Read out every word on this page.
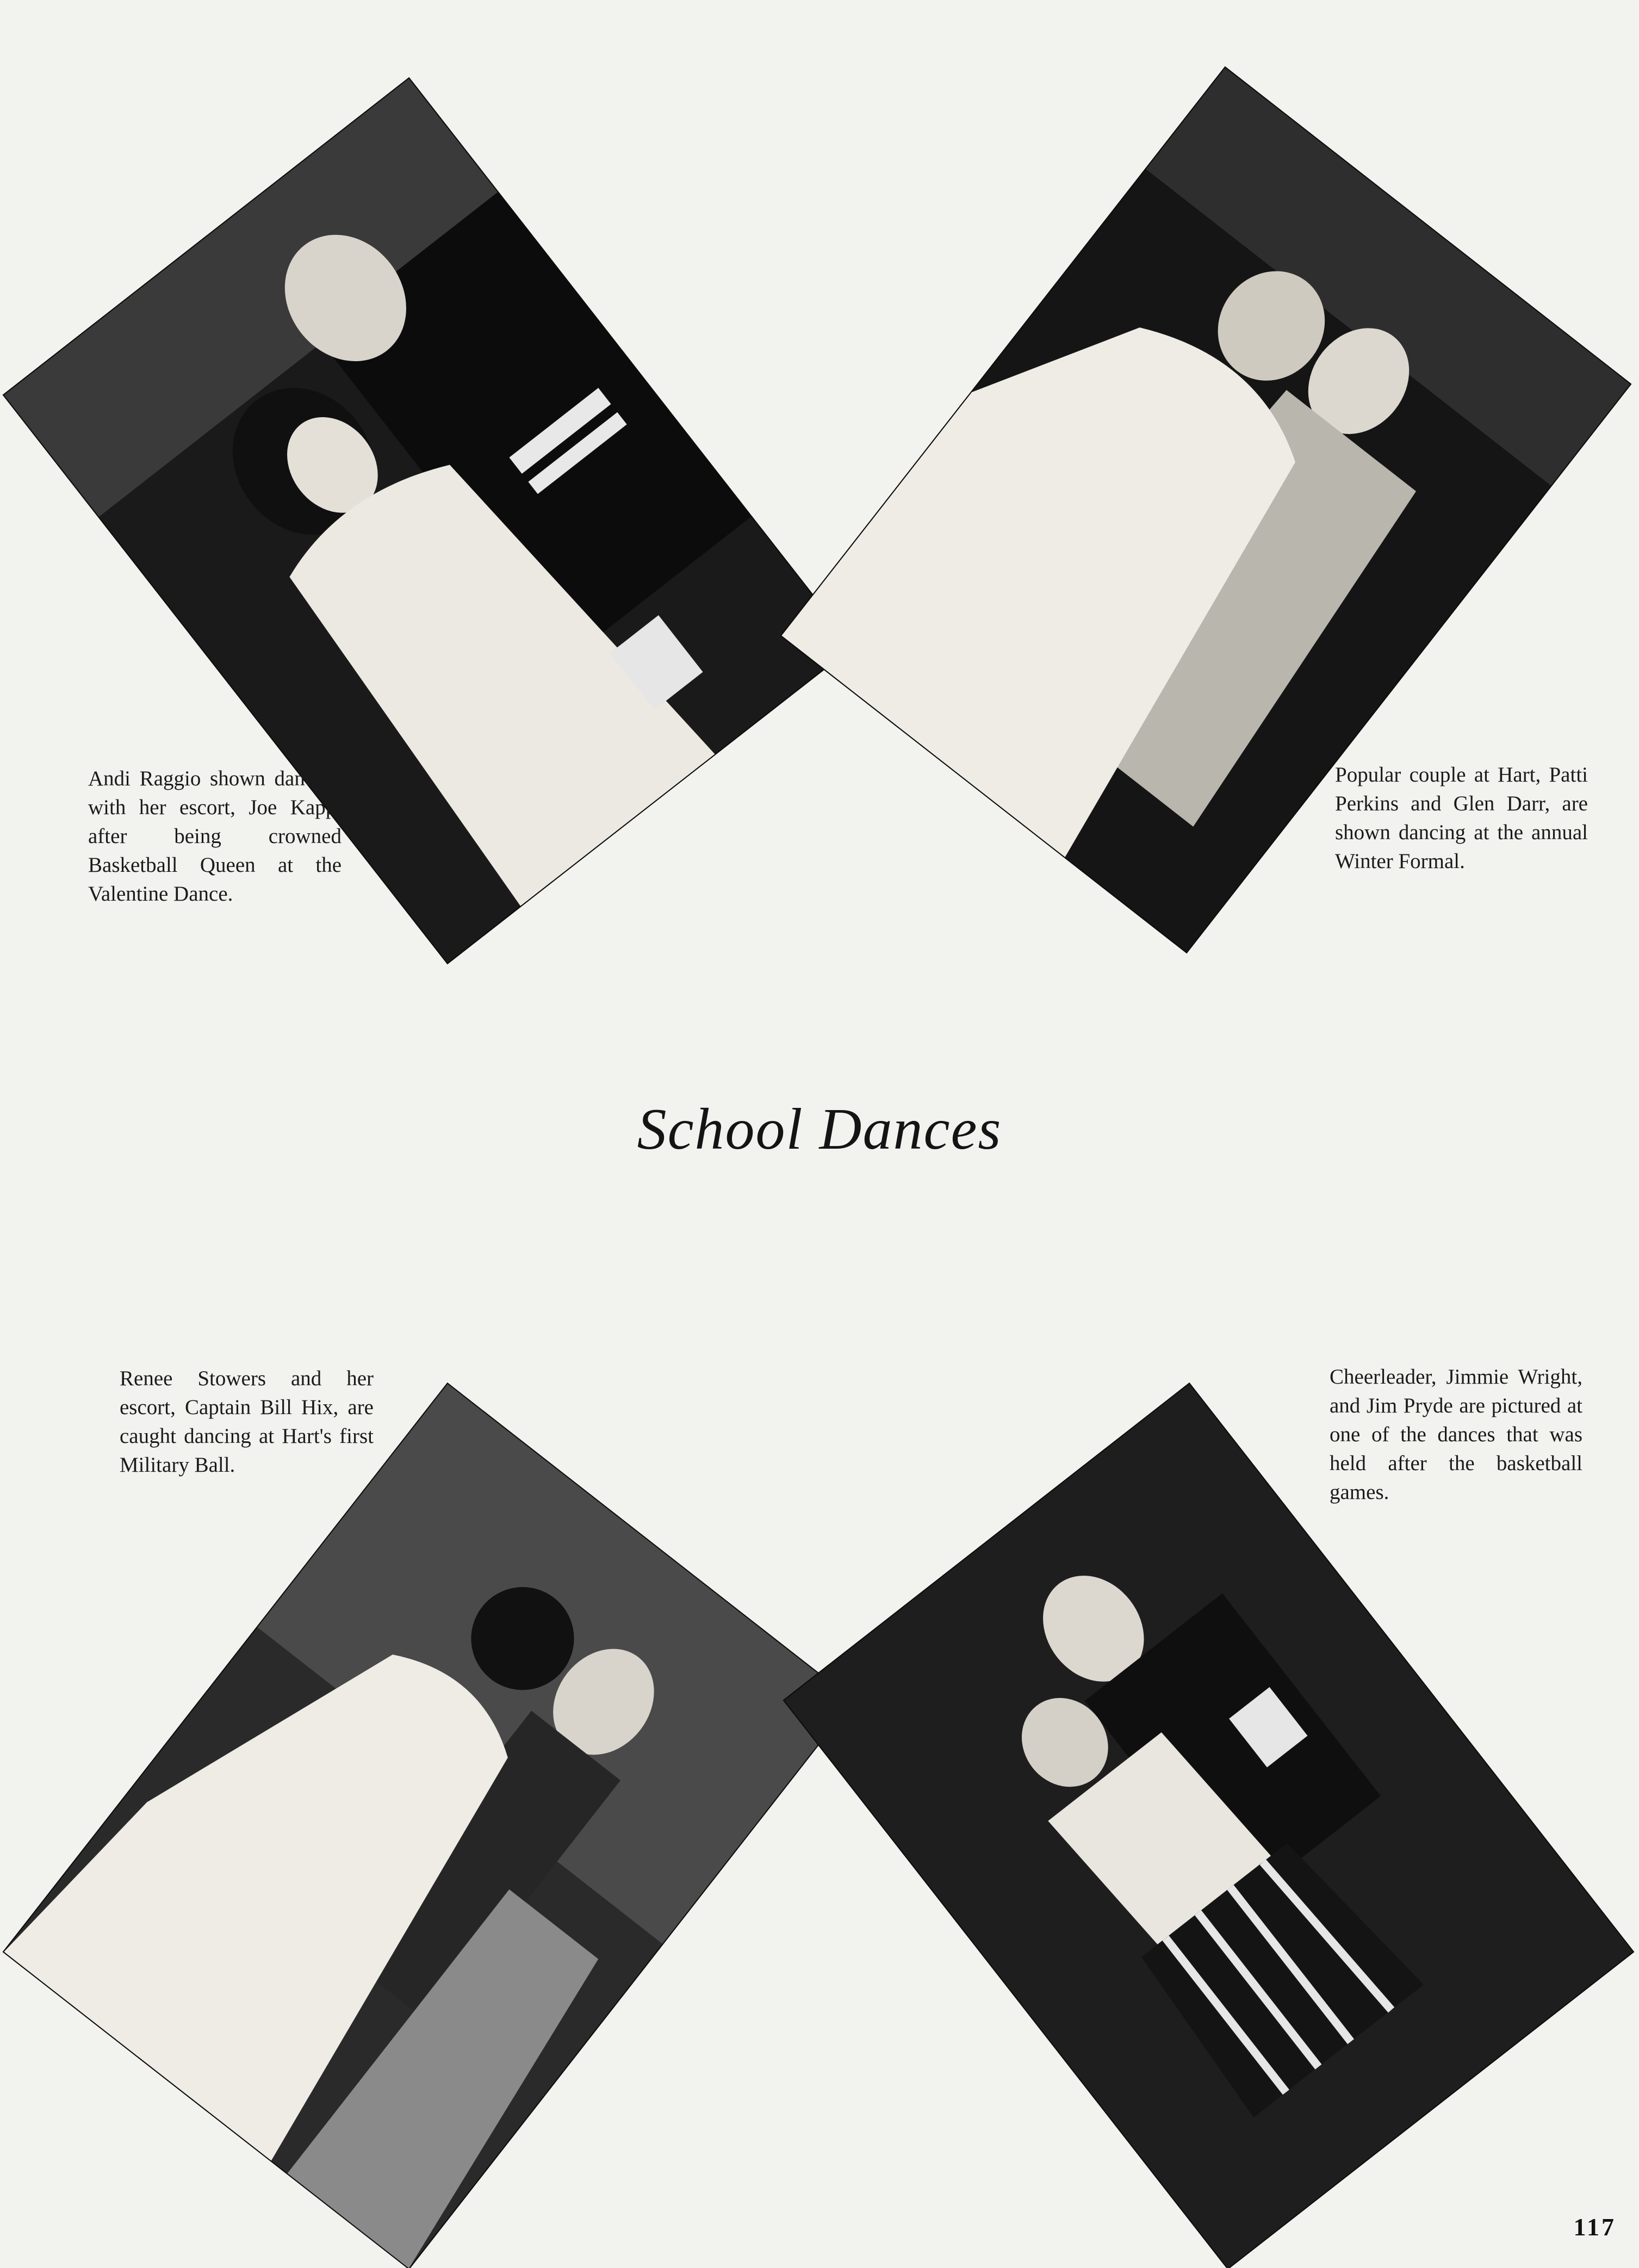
Andi Raggio shown dancing with her escort, Joe Kapp, after being crowned Basketball Queen at the Valentine Dance.
Popular couple at Hart, Patti Perkins and Glen Darr, are shown dancing at the annual Winter Formal.
Renee Stowers and her escort, Captain Bill Hix, are caught dancing at Hart's first Military Ball.
Cheerleader, Jimmie Wright, and Jim Pryde are pictured at one of the dances that was held after the basketball games.
School Dances
117
